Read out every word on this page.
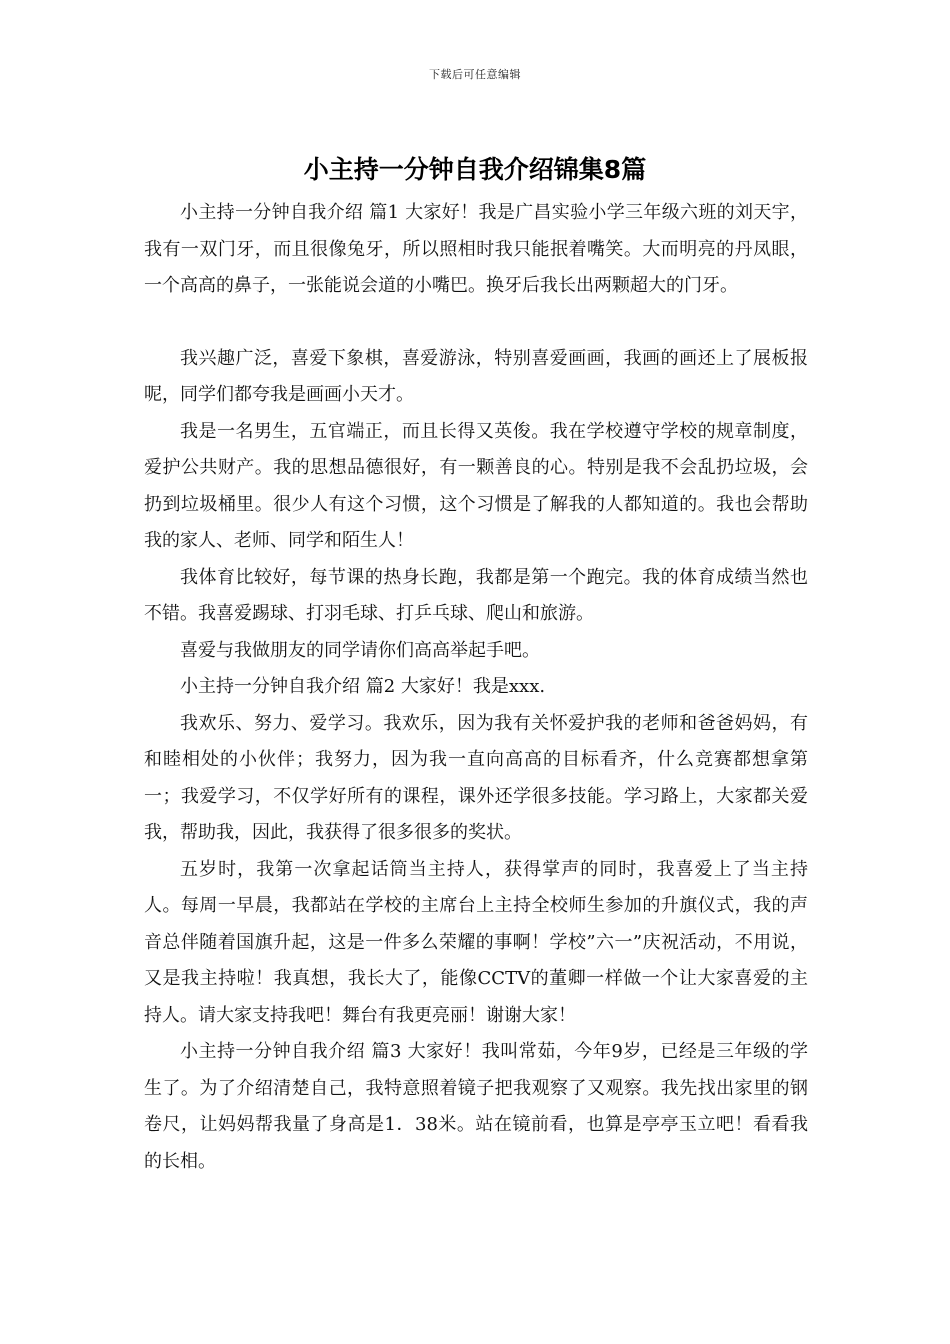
下载后可任意编辑
小主持一分钟自我介绍锦集8篇

小主持一分钟自我介绍 篇1 大家好！我是广昌实验小学三年级六班的刘天宇，我有一双门牙，而且很像兔牙，所以照相时我只能抿着嘴笑。大而明亮的丹凤眼，一个高高的鼻子，一张能说会道的小嘴巴。换牙后我长出两颗超大的门牙。

我兴趣广泛，喜爱下象棋，喜爱游泳，特别喜爱画画，我画的画还上了展板报呢，同学们都夸我是画画小天才。

我是一名男生，五官端正，而且长得又英俊。我在学校遵守学校的规章制度，爱护公共财产。我的思想品德很好，有一颗善良的心。特别是我不会乱扔垃圾，会扔到垃圾桶里。很少人有这个习惯，这个习惯是了解我的人都知道的。我也会帮助我的家人、老师、同学和陌生人！

我体育比较好，每节课的热身长跑，我都是第一个跑完。我的体育成绩当然也不错。我喜爱踢球、打羽毛球、打乒乓球、爬山和旅游。

喜爱与我做朋友的同学请你们高高举起手吧。

小主持一分钟自我介绍 篇2 大家好！我是xxx.

我欢乐、努力、爱学习。我欢乐，因为我有关怀爱护我的老师和爸爸妈妈，有和睦相处的小伙伴；我努力，因为我一直向高高的目标看齐，什么竞赛都想拿第一；我爱学习，不仅学好所有的课程，课外还学很多技能。学习路上，大家都关爱我，帮助我，因此，我获得了很多很多的奖状。

五岁时，我第一次拿起话筒当主持人，获得掌声的同时，我喜爱上了当主持人。每周一早晨，我都站在学校的主席台上主持全校师生参加的升旗仪式，我的声音总伴随着国旗升起，这是一件多么荣耀的事啊！学校”六一”庆祝活动，不用说，又是我主持啦！我真想，我长大了，能像CCTV的董卿一样做一个让大家喜爱的主持人。请大家支持我吧！舞台有我更亮丽！谢谢大家！

小主持一分钟自我介绍 篇3 大家好！我叫常茹，今年9岁，已经是三年级的学生了。为了介绍清楚自己，我特意照着镜子把我观察了又观察。我先找出家里的钢卷尺，让妈妈帮我量了身高是1．38米。站在镜前看，也算是亭亭玉立吧！看看我的长相。
